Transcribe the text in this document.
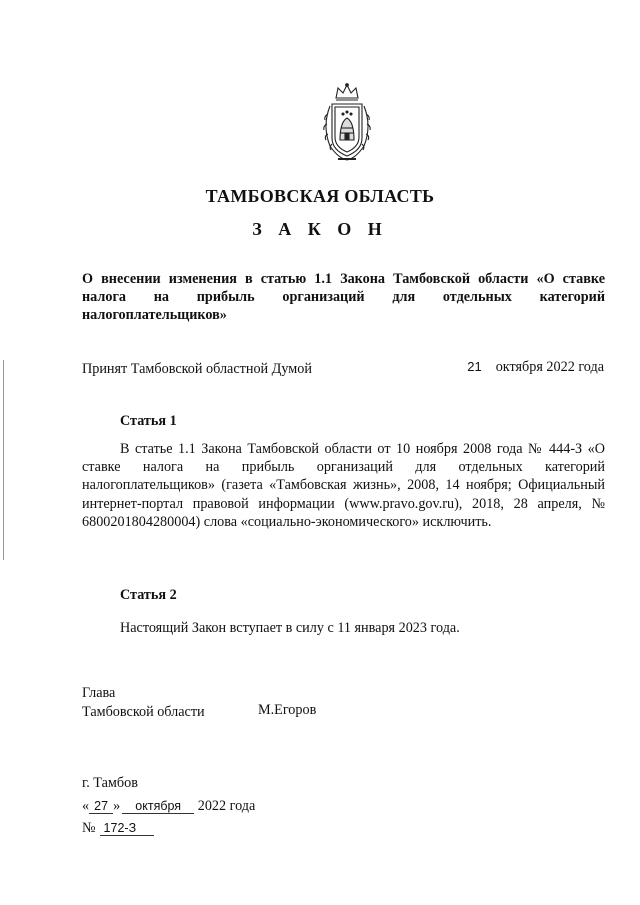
ТАМБОВСКАЯ ОБЛАСТЬ
З А К О Н
О внесении изменения в статью 1.1 Закона Тамбовской области «О ставке налога на прибыль организаций для отдельных категорий налогоплательщиков»
Принят Тамбовской областной Думой	21 октября 2022 года
Статья 1
В статье 1.1 Закона Тамбовской области от 10 ноября 2008 года № 444-З «О ставке налога на прибыль организаций для отдельных категорий налогоплательщиков» (газета «Тамбовская жизнь», 2008, 14 ноября; Официальный интернет-портал правовой информации (www.pravo.gov.ru), 2018, 28 апреля, № 6800201804280004) слова «социально-экономического» исключить.
Статья 2
Настоящий Закон вступает в силу с 11 января 2023 года.
Глава
Тамбовской области	М.Егоров
г. Тамбов
« 27 » октября 2022 года
№ 172-З
